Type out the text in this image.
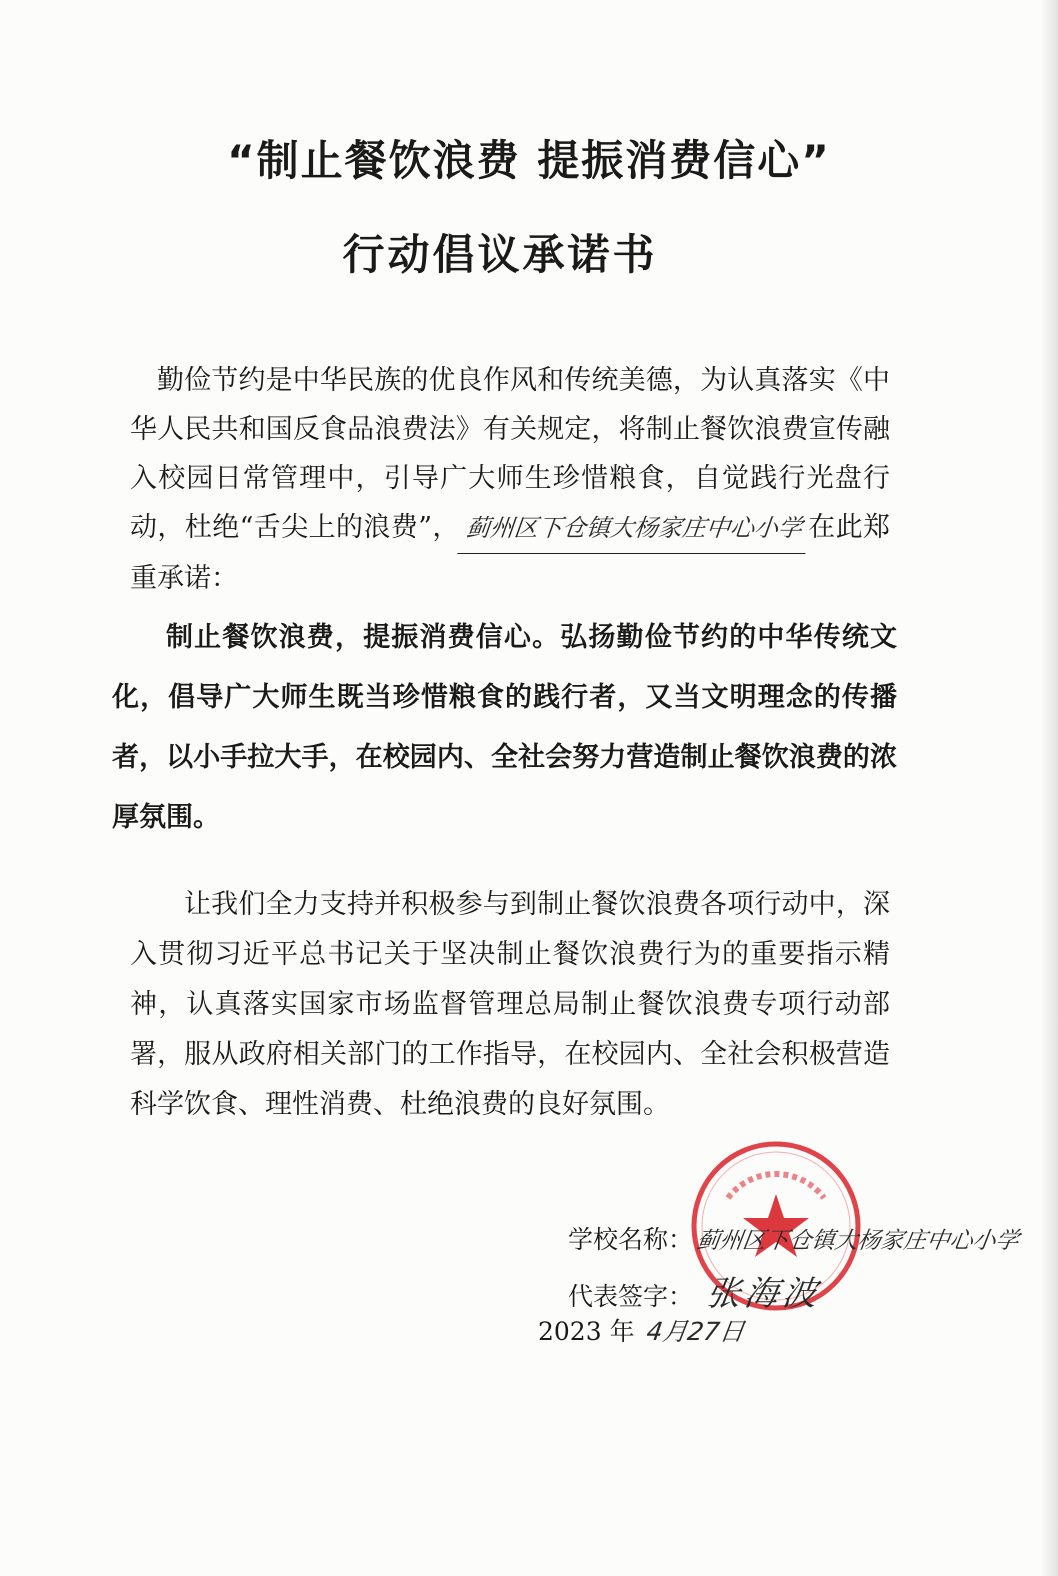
“制止餐饮浪费 提振消费信心”
行动倡议承诺书
勤俭节约是中华民族的优良作风和传统美德，为认真落实《中华人民共和国反食品浪费法》有关规定，将制止餐饮浪费宣传融入校园日常管理中，引导广大师生珍惜粮食，自觉践行光盘行动，杜绝“舌尖上的浪费”， 蓟州区下仓镇大杨家庄中心小学 在此郑重承诺：
制止餐饮浪费，提振消费信心。弘扬勤俭节约的中华传统文化，倡导广大师生既当珍惜粮食的践行者，又当文明理念的传播者，以小手拉大手，在校园内、全社会努力营造制止餐饮浪费的浓厚氛围。
让我们全力支持并积极参与到制止餐饮浪费各项行动中，深入贯彻习近平总书记关于坚决制止餐饮浪费行为的重要指示精神，认真落实国家市场监督管理总局制止餐饮浪费专项行动部署，服从政府相关部门的工作指导，在校园内、全社会积极营造科学饮食、理性消费、杜绝浪费的良好氛围。
学校名称：蓟州区下仓镇大杨家庄中心小学
代表签字： 张海波
2023 年 4月27日
